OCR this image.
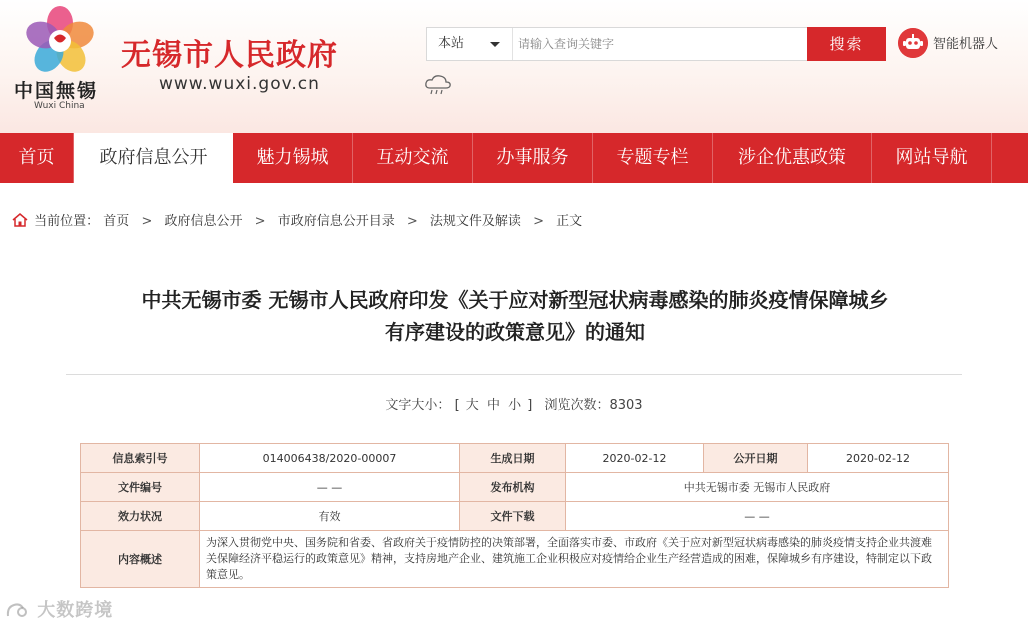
中国無锡
Wuxi China
无锡市人民政府
www.wuxi.gov.cn
本站
请输入查询关键字	搜索	智能机器人
首页	政府信息公开	魅力锡城	互动交流	办事服务	专题专栏	涉企优惠政策	网站导航
当前位置： 首页 > 政府信息公开 > 市政府信息公开目录 > 法规文件及解读 > 正文
中共无锡市委 无锡市人民政府印发《关于应对新型冠状病毒感染的肺炎疫情保障城乡
有序建设的政策意见》的通知
文字大小： [ 大 中 小 ] 浏览次数：8303
信息索引号	014006438/2020-00007	生成日期	2020-02-12	公开日期	2020-02-12
文件编号	— —	发布机构	中共无锡市委 无锡市人民政府		
效力状况	有效	文件下载	— —		
内容概述	为深入贯彻党中央、国务院和省委、省政府关于疫情防控的决策部署，全面落实市委、市政府《关于应对新型冠状病毒感染的肺炎疫情支持企业共渡难关保障经济平稳运行的政策意见》精神，支持房地产企业、建筑施工企业积极应对疫情给企业生产经营造成的困难，保障城乡有序建设，特制定以下政策意见。				
大数跨境
